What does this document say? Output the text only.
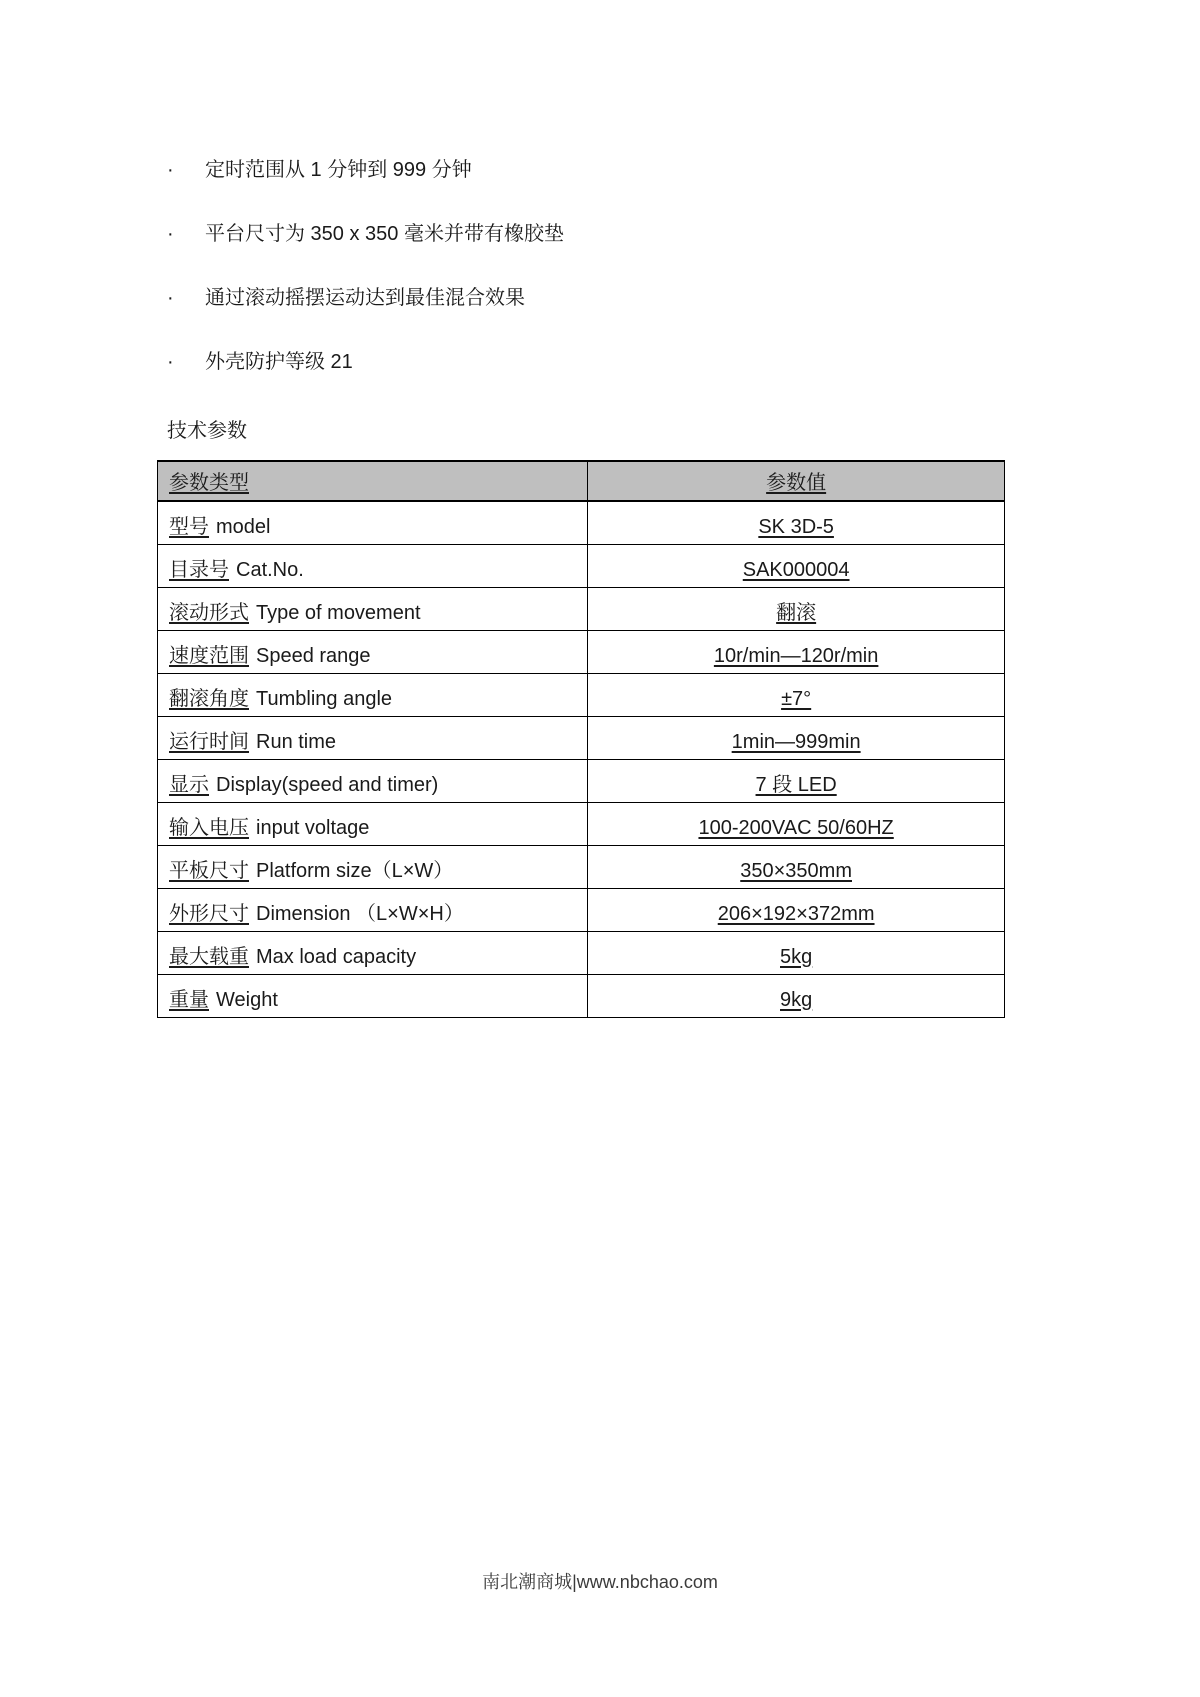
· 定时范围从 1 分钟到 999 分钟
· 平台尺寸为 350 x 350 毫米并带有橡胶垫
· 通过滚动摇摆运动达到最佳混合效果
· 外壳防护等级 21
技术参数
参数类型	参数值
型号 model	SK 3D-5
目录号 Cat.No.	SAK000004
滚动形式 Type of movement	翻滚
速度范围 Speed range	10r/min—120r/min
翻滚角度 Tumbling angle	±7°
运行时间 Run time	1min—999min
显示 Display(speed and timer)	7 段 LED
输入电压 input voltage	100-200VAC 50/60HZ
平板尺寸 Platform size（L×W）	350×350mm
外形尺寸 Dimension （L×W×H）	206×192×372mm
最大载重 Max load capacity	5kg
重量 Weight	9kg
南北潮商城|www.nbchao.com
